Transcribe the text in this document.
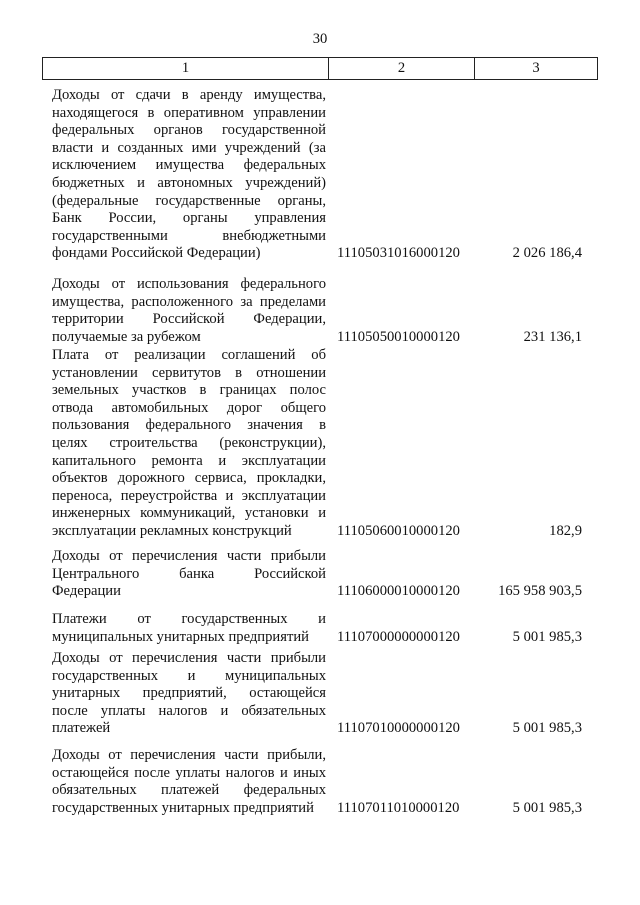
30
1	2	3
Доходы от сдачи в аренду имущества,
находящегося в оперативном управлении
федеральных органов государственной
власти и созданных ими учреждений (за
исключением имущества федеральных
бюджетных и автономных учреждений)
(федеральные государственные органы,
Банк России, органы управления
государственными внебюджетными
фондами Российской Федерации)	11105031016000120	2 026 186,4
Доходы от использования федерального
имущества, расположенного за пределами
территории Российской Федерации,
получаемые за рубежом	11105050010000120	231 136,1
Плата от реализации соглашений об
установлении сервитутов в отношении
земельных участков в границах полос
отвода автомобильных дорог общего
пользования федерального значения в
целях строительства (реконструкции),
капитального ремонта и эксплуатации
объектов дорожного сервиса, прокладки,
переноса, переустройства и эксплуатации
инженерных коммуникаций, установки и
эксплуатации рекламных конструкций	11105060010000120	182,9
Доходы от перечисления части прибыли
Центрального банка Российской
Федерации	11106000010000120	165 958 903,5
Платежи от государственных и
муниципальных унитарных предприятий	11107000000000120	5 001 985,3
Доходы от перечисления части прибыли
государственных и муниципальных
унитарных предприятий, остающейся
после уплаты налогов и обязательных
платежей	11107010000000120	5 001 985,3
Доходы от перечисления части прибыли,
остающейся после уплаты налогов и иных
обязательных платежей федеральных
государственных унитарных предприятий	11107011010000120	5 001 985,3
